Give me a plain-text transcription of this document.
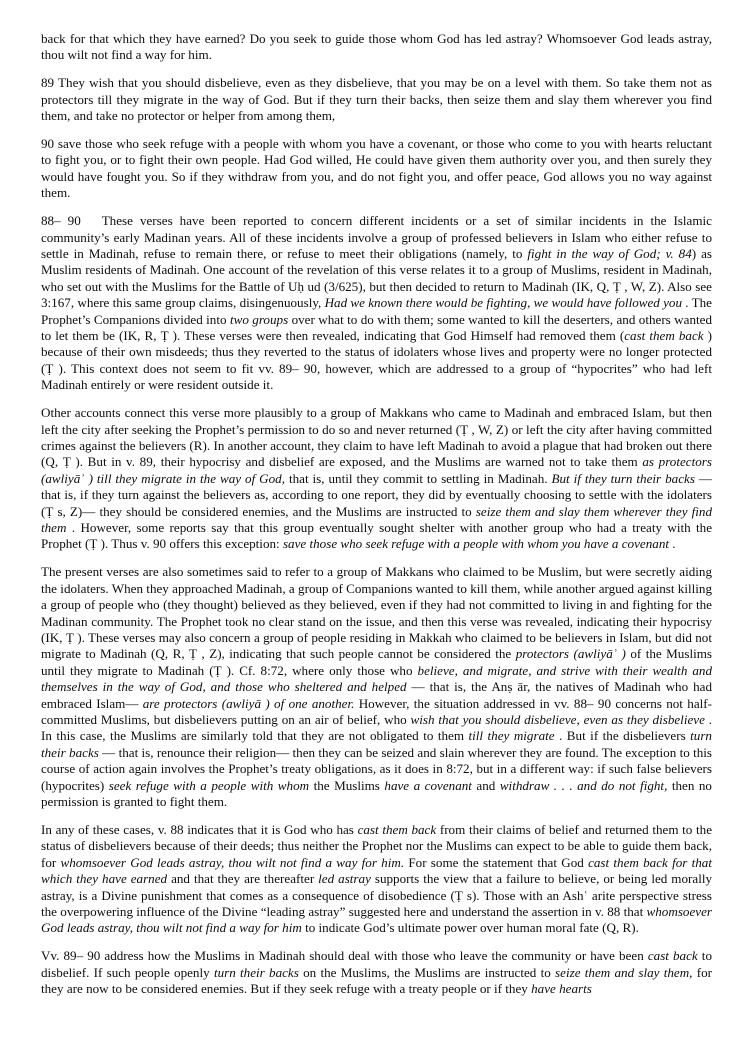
back for that which they have earned? Do you seek to guide those whom God has led astray? Whomsoever God leads astray, thou wilt not find a way for him.

89 They wish that you should disbelieve, even as they disbelieve, that you may be on a level with them. So take them not as protectors till they migrate in the way of God. But if they turn their backs, then seize them and slay them wherever you find them, and take no protector or helper from among them,

90 save those who seek refuge with a people with whom you have a covenant, or those who come to you with hearts reluctant to fight you, or to fight their own people. Had God willed, He could have given them authority over you, and then surely they would have fought you. So if they withdraw from you, and do not fight you, and offer peace, God allows you no way against them.

88– 90 These verses have been reported to concern different incidents or a set of similar incidents in the Islamic community’s early Madinan years. All of these incidents involve a group of professed believers in Islam who either refuse to settle in Madinah, refuse to remain there, or refuse to meet their obligations (namely, to fight in the way of God; v. 84) as Muslim residents of Madinah. One account of the revelation of this verse relates it to a group of Muslims, resident in Madinah, who set out with the Muslims for the Battle of Uḥ ud (3/625), but then decided to return to Madinah (IK, Q, Ṭ , W, Z). Also see 3:167, where this same group claims, disingenuously, Had we known there would be fighting, we would have followed you . The Prophet’s Companions divided into two groups over what to do with them; some wanted to kill the deserters, and others wanted to let them be (IK, R, Ṭ ). These verses were then revealed, indicating that God Himself had removed them (cast them back ) because of their own misdeeds; thus they reverted to the status of idolaters whose lives and property were no longer protected (Ṭ ). This context does not seem to fit vv. 89– 90, however, which are addressed to a group of “hypocrites” who had left Madinah entirely or were resident outside it.

Other accounts connect this verse more plausibly to a group of Makkans who came to Madinah and embraced Islam, but then left the city after seeking the Prophet’s permission to do so and never returned (Ṭ , W, Z) or left the city after having committed crimes against the believers (R). In another account, they claim to have left Madinah to avoid a plague that had broken out there (Q, Ṭ ). But in v. 89, their hypocrisy and disbelief are exposed, and the Muslims are warned not to take them as protectors (awliyāʾ ) till they migrate in the way of God, that is, until they commit to settling in Madinah. But if they turn their backs — that is, if they turn against the believers as, according to one report, they did by eventually choosing to settle with the idolaters (Ṭ s, Z)— they should be considered enemies, and the Muslims are instructed to seize them and slay them wherever they find them . However, some reports say that this group eventually sought shelter with another group who had a treaty with the Prophet (Ṭ ). Thus v. 90 offers this exception: save those who seek refuge with a people with whom you have a covenant .

The present verses are also sometimes said to refer to a group of Makkans who claimed to be Muslim, but were secretly aiding the idolaters. When they approached Madinah, a group of Companions wanted to kill them, while another argued against killing a group of people who (they thought) believed as they believed, even if they had not committed to living in and fighting for the Madinan community. The Prophet took no clear stand on the issue, and then this verse was revealed, indicating their hypocrisy (IK, Ṭ ). These verses may also concern a group of people residing in Makkah who claimed to be believers in Islam, but did not migrate to Madinah (Q, R, Ṭ , Z), indicating that such people cannot be considered the protectors (awliyāʾ ) of the Muslims until they migrate to Madinah (Ṭ ). Cf. 8:72, where only those who believe, and migrate, and strive with their wealth and themselves in the way of God, and those who sheltered and helped — that is, the Anṣ ār, the natives of Madinah who had embraced Islam— are protectors (awliyā ) of one another. However, the situation addressed in vv. 88– 90 concerns not half-committed Muslims, but disbelievers putting on an air of belief, who wish that you should disbelieve, even as they disbelieve . In this case, the Muslims are similarly told that they are not obligated to them till they migrate . But if the disbelievers turn their backs — that is, renounce their religion— then they can be seized and slain wherever they are found. The exception to this course of action again involves the Prophet’s treaty obligations, as it does in 8:72, but in a different way: if such false believers (hypocrites) seek refuge with a people with whom the Muslims have a covenant and withdraw . . . and do not fight, then no permission is granted to fight them.

In any of these cases, v. 88 indicates that it is God who has cast them back from their claims of belief and returned them to the status of disbelievers because of their deeds; thus neither the Prophet nor the Muslims can expect to be able to guide them back, for whomsoever God leads astray, thou wilt not find a way for him. For some the statement that God cast them back for that which they have earned and that they are thereafter led astray supports the view that a failure to believe, or being led morally astray, is a Divine punishment that comes as a consequence of disobedience (Ṭ s). Those with an Ashʿ arite perspective stress the overpowering influence of the Divine “leading astray” suggested here and understand the assertion in v. 88 that whomsoever God leads astray, thou wilt not find a way for him to indicate God’s ultimate power over human moral fate (Q, R).

Vv. 89– 90 address how the Muslims in Madinah should deal with those who leave the community or have been cast back to disbelief. If such people openly turn their backs on the Muslims, the Muslims are instructed to seize them and slay them, for they are now to be considered enemies. But if they seek refuge with a treaty people or if they have hearts
